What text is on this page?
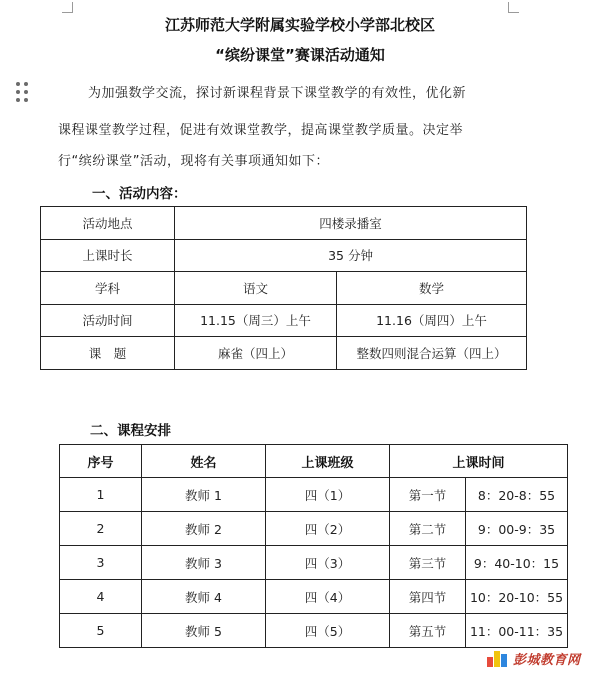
江苏师范大学附属实验学校小学部北校区
“缤纷课堂”赛课活动通知
为加强数学交流，探讨新课程背景下课堂教学的有效性，优化新
课程课堂教学过程，促进有效课堂教学，提高课堂教学质量。决定举
行“缤纷课堂”活动，现将有关事项通知如下：
一、活动内容：
活动地点	四楼录播室	
上课时长	35 分钟	
学科	语文	数学
活动时间	11.15（周三）上午	11.16（周四）上午
课　题	麻雀（四上）	整数四则混合运算（四上）
二、课程安排
序号	姓名	上课班级	上课时间	
1	教师 1	四（1）	第一节	8：20-8：55
2	教师 2	四（2）	第二节	9：00-9：35
3	教师 3	四（3）	第三节	9：40-10：15
4	教师 4	四（4）	第四节	10：20-10：55
5	教师 5	四（5）	第五节	11：00-11：35
彭城教育网
